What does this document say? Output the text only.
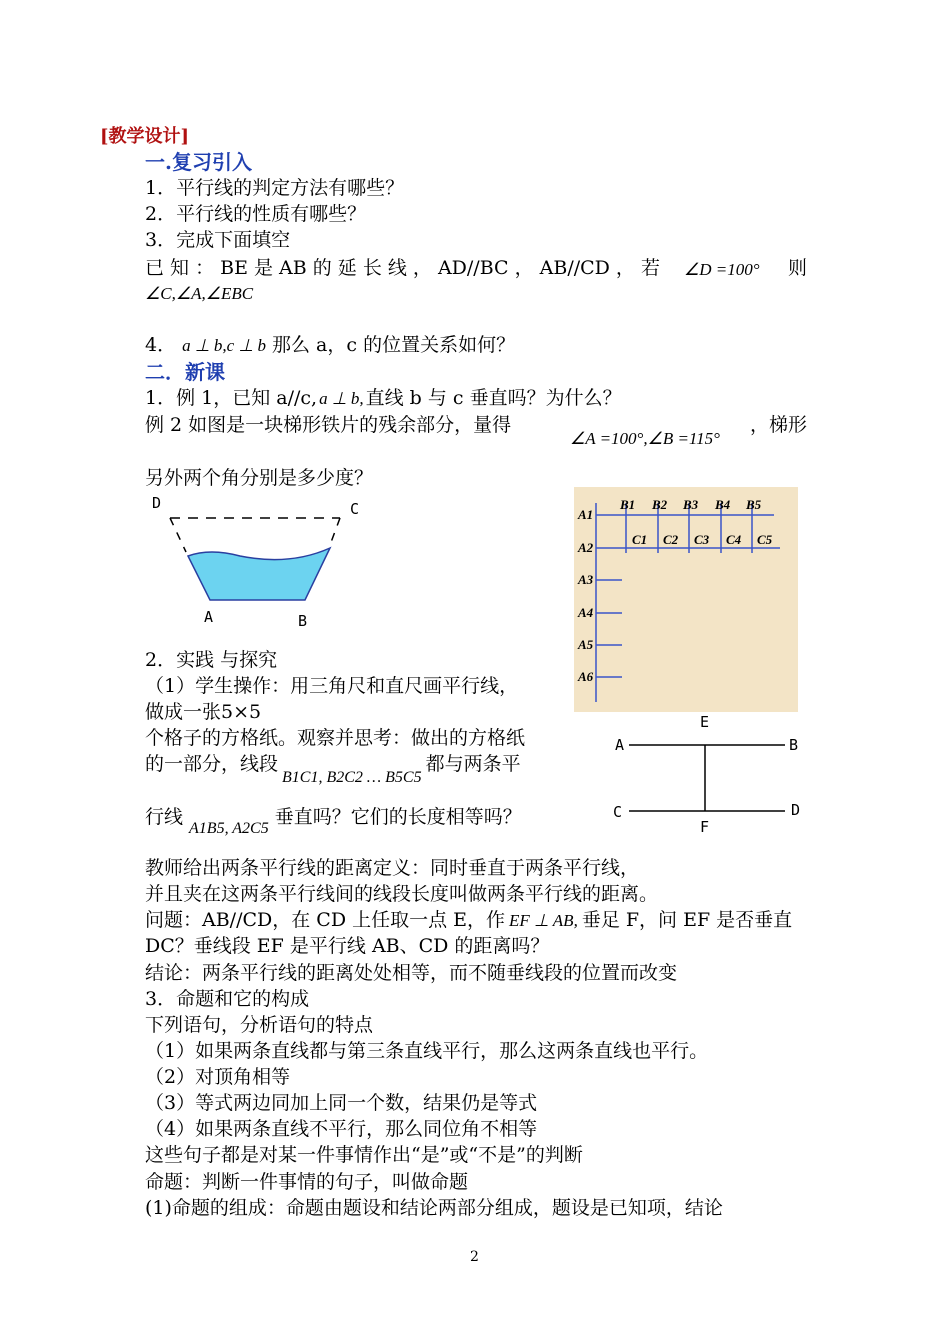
[教学设计]
一.复习引入
1．平行线的判定方法有哪些？
2．平行线的性质有哪些？
3．完成下面填空
已 知 ： BE 是 AB 的 延 长 线 ， AD//BC ， AB//CD ， 若 ∠D =100° 则
∠C,∠A,∠EBC
4． a ⊥ b,c ⊥ b 那么 a，c 的位置关系如何？
二．新课
1．例 1，已知 a//c, a ⊥ b, 直线 b 与 c 垂直吗？为什么？
例 2 如图是一块梯形铁片的残余部分，量得
∠A =100°,∠B =115°
，梯形
另外两个角分别是多少度？
D	C
A	B
A1
A2
A3
A4
A5
A6
B1 B2 B3 B4 B5
C1 C2 C3 C4 C5
2．实践 与探究
（1）学生操作：用三角尺和直尺画平行线，
做成一张5×5
个格子的方格纸。观察并思考：做出的方格纸
的一部分，线段$_{B1C1, B2C2 \dots B5C5}$都与两条平
行线$_{A1B5, A2C5}$垂直吗？它们的长度相等吗？
A	B
C	D
E
F
教师给出两条平行线的距离定义：同时垂直于两条平行线，
并且夹在这两条平行线间的线段长度叫做两条平行线的距离。
问题：AB//CD，在 CD 上任取一点 E，作 EF ⊥ AB, 垂足 F，问 EF 是否垂直
DC？垂线段 EF 是平行线 AB、CD 的距离吗？
结论：两条平行线的距离处处相等，而不随垂线段的位置而改变
3．命题和它的构成
下列语句，分析语句的特点
（1）如果两条直线都与第三条直线平行，那么这两条直线也平行。
（2）对顶角相等
（3）等式两边同加上同一个数，结果仍是等式
（4）如果两条直线不平行，那么同位角不相等
这些句子都是对某一件事情作出“是”或“不是”的判断
命题：判断一件事情的句子，叫做命题
(1)命题的组成：命题由题设和结论两部分组成，题设是已知项，结论
2
